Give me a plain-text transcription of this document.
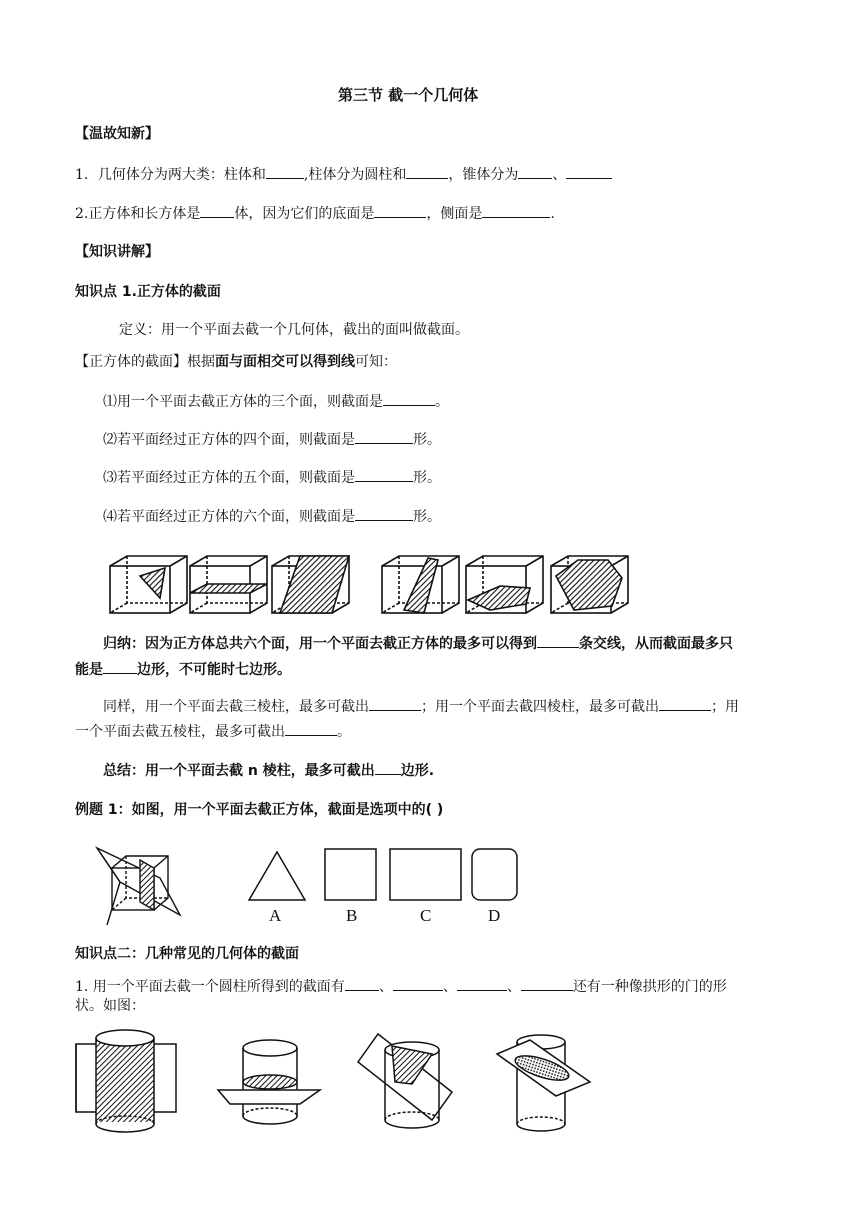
第三节 截一个几何体
【温故知新】
1．几何体分为两大类：柱体和	,柱体分为圆柱和	，锥体分为 、
2.正方体和长方体是 体，因为它们的底面是	，侧面是	.
【知识讲解】
知识点 1.正方体的截面
定义：用一个平面去截一个几何体，截出的面叫做截面。
【正方体的截面】根据面与面相交可以得到线可知：
⑴用一个平面去截正方体的三个面，则截面是	。
⑵若平面经过正方体的四个面，则截面是	形。
⑶若平面经过正方体的五个面，则截面是	形。
⑷若平面经过正方体的六个面，则截面是	形。
归纳：因为正方体总共六个面，用一个平面去截正方体的最多可以得到	条交线，从而截面最多只
能是 边形，不可能时七边形。
同样，用一个平面去截三棱柱，最多可截出	；用一个平面去截四棱柱，最多可截出	；用
一个平面去截五棱柱，最多可截出	。
总结：用一个平面去截 n 棱柱，最多可截出 边形.
例题 1：如图，用一个平面去截正方体，截面是选项中的( )
A	B	C	D
知识点二：几种常见的几何体的截面
1. 用一个平面去截一个圆柱所得到的截面有 、	、	、	还有一种像拱形的门的形
状。如图：
